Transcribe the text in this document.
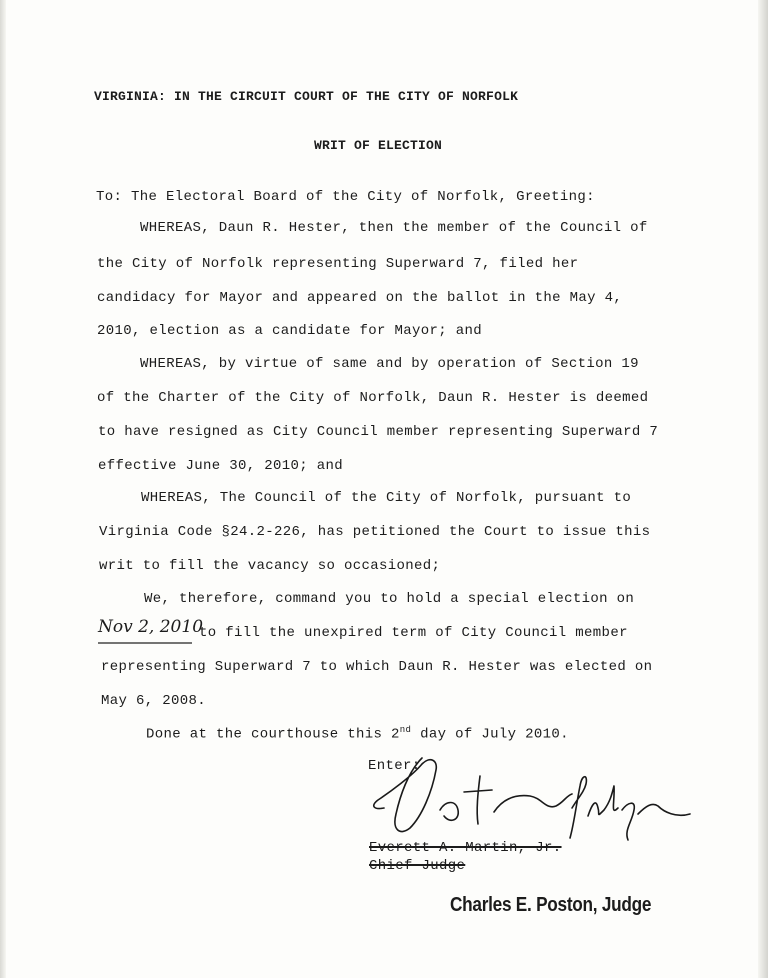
VIRGINIA: IN THE CIRCUIT COURT OF THE CITY OF NORFOLK
WRIT OF ELECTION
To: The Electoral Board of the City of Norfolk, Greeting:
WHEREAS, Daun R. Hester, then the member of the Council of
the City of Norfolk representing Superward 7, filed her
candidacy for Mayor and appeared on the ballot in the May 4,
2010, election as a candidate for Mayor; and
WHEREAS, by virtue of same and by operation of Section 19
of the Charter of the City of Norfolk, Daun R. Hester is deemed
to have resigned as City Council member representing Superward 7
effective June 30, 2010; and
WHEREAS, The Council of the City of Norfolk, pursuant to
Virginia Code §24.2-226, has petitioned the Court to issue this
writ to fill the vacancy so occasioned;
We, therefore, command you to hold a special election on
Nov 2, 2010
to fill the unexpired term of City Council member
representing Superward 7 to which Daun R. Hester was elected on
May 6, 2008.
Done at the courthouse this 2nd day of July 2010.
Enter:
Everett A. Martin, Jr.
Chief Judge
Charles E. Poston, Judge
